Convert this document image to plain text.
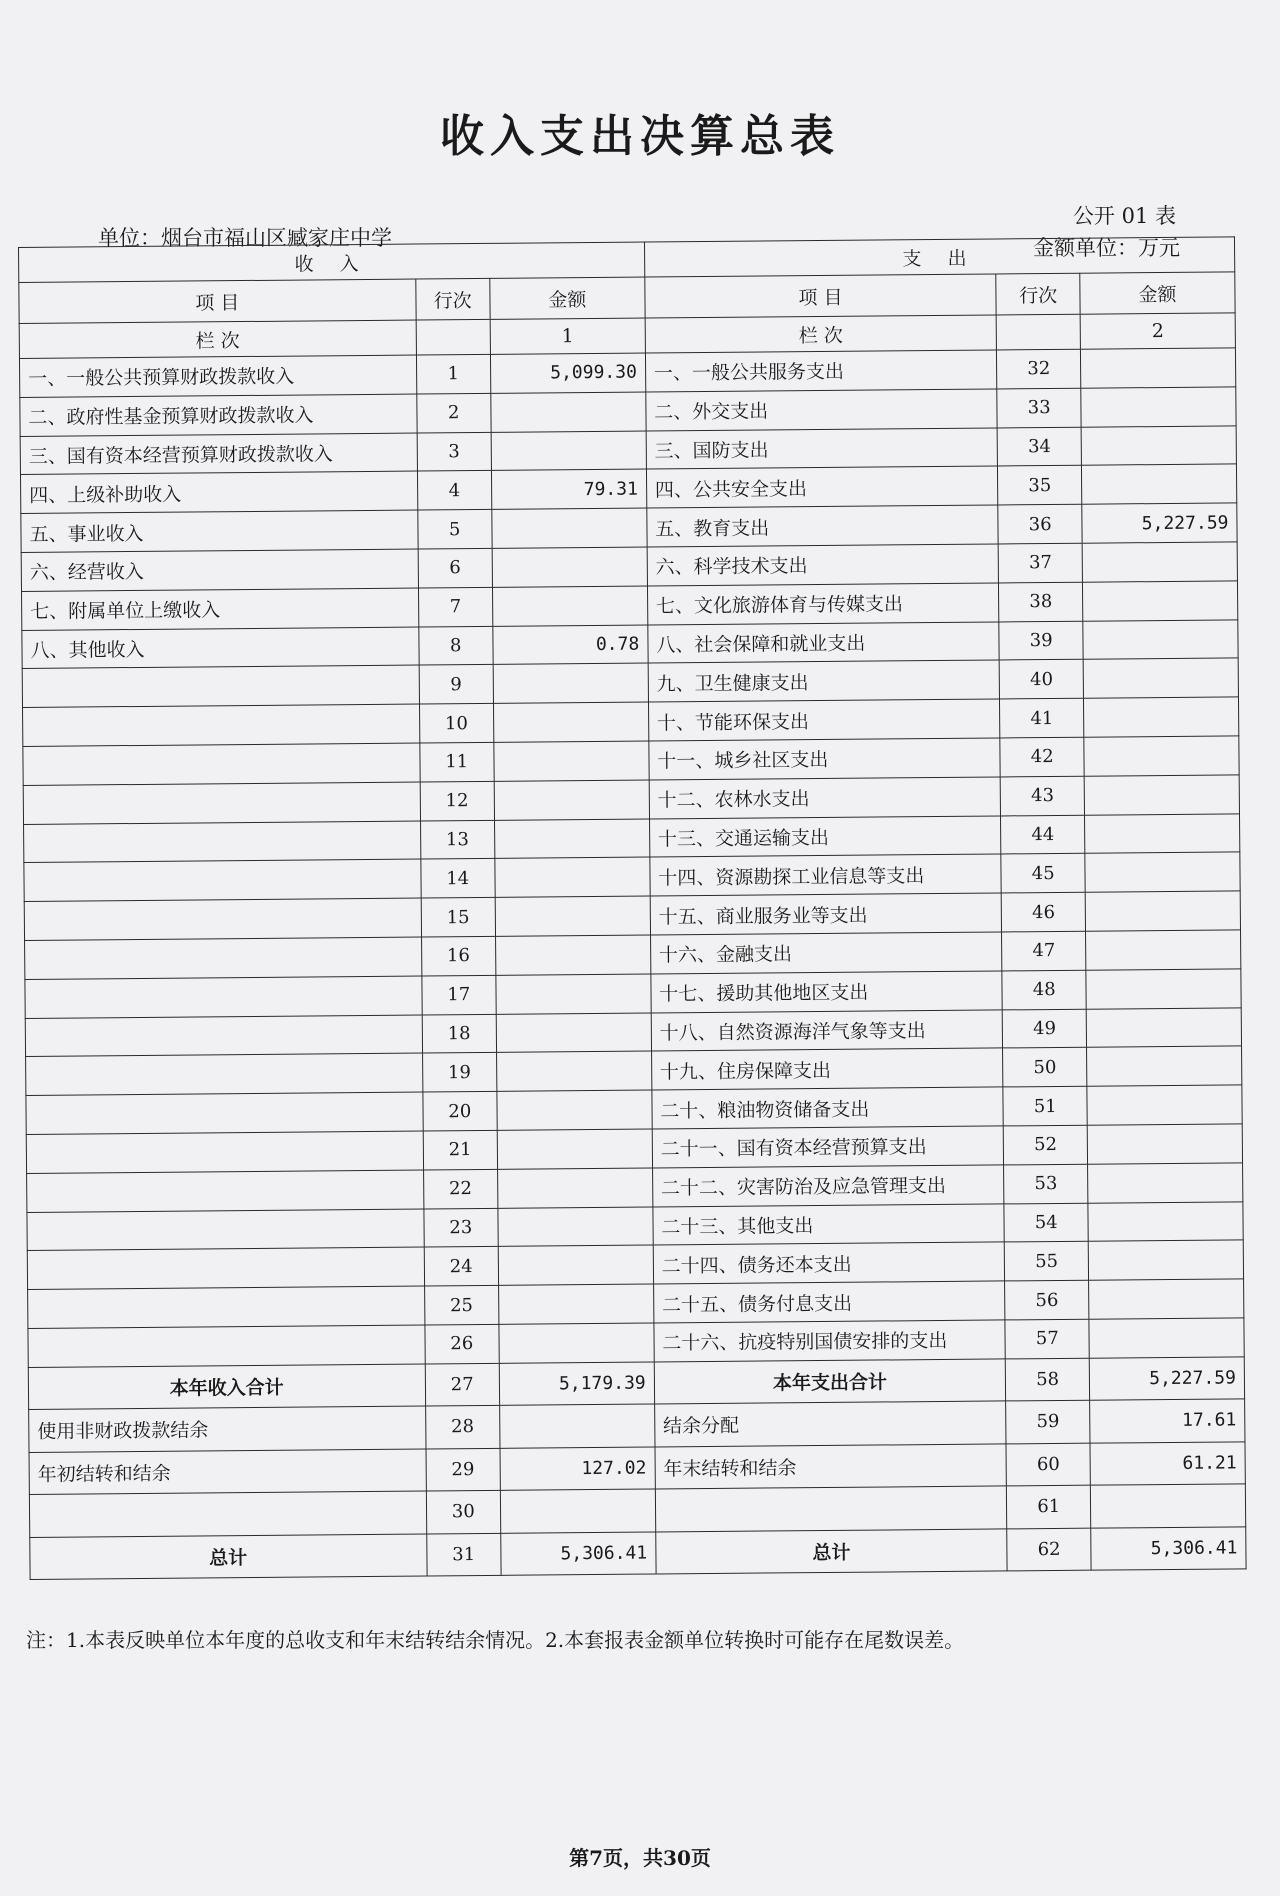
收入支出决算总表
公开 01 表
单位：烟台市福山区臧家庄中学	金额单位：万元
收 入			支 出		
项 目	行次	金额	项 目	行次	金额
栏 次		1	栏 次		2
一、一般公共预算财政拨款收入	1	5,099.30	一、一般公共服务支出	32	
二、政府性基金预算财政拨款收入	2		二、外交支出	33	
三、国有资本经营预算财政拨款收入	3		三、国防支出	34	
四、上级补助收入	4	79.31	四、公共安全支出	35	
五、事业收入	5		五、教育支出	36	5,227.59
六、经营收入	6		六、科学技术支出	37	
七、附属单位上缴收入	7		七、文化旅游体育与传媒支出	38	
八、其他收入	8	0.78	八、社会保障和就业支出	39	
	9		九、卫生健康支出	40	
	10		十、节能环保支出	41	
	11		十一、城乡社区支出	42	
	12		十二、农林水支出	43	
	13		十三、交通运输支出	44	
	14		十四、资源勘探工业信息等支出	45	
	15		十五、商业服务业等支出	46	
	16		十六、金融支出	47	
	17		十七、援助其他地区支出	48	
	18		十八、自然资源海洋气象等支出	49	
	19		十九、住房保障支出	50	
	20		二十、粮油物资储备支出	51	
	21		二十一、国有资本经营预算支出	52	
	22		二十二、灾害防治及应急管理支出	53	
	23		二十三、其他支出	54	
	24		二十四、债务还本支出	55	
	25		二十五、债务付息支出	56	
	26		二十六、抗疫特别国债安排的支出	57	
本年收入合计	27	5,179.39	本年支出合计	58	5,227.59
使用非财政拨款结余	28		结余分配	59	17.61
年初结转和结余	29	127.02	年末结转和结余	60	61.21
	30			61	
总计	31	5,306.41	总计	62	5,306.41
注：1.本表反映单位本年度的总收支和年末结转结余情况。2.本套报表金额单位转换时可能存在尾数误差。
第7页，共30页
